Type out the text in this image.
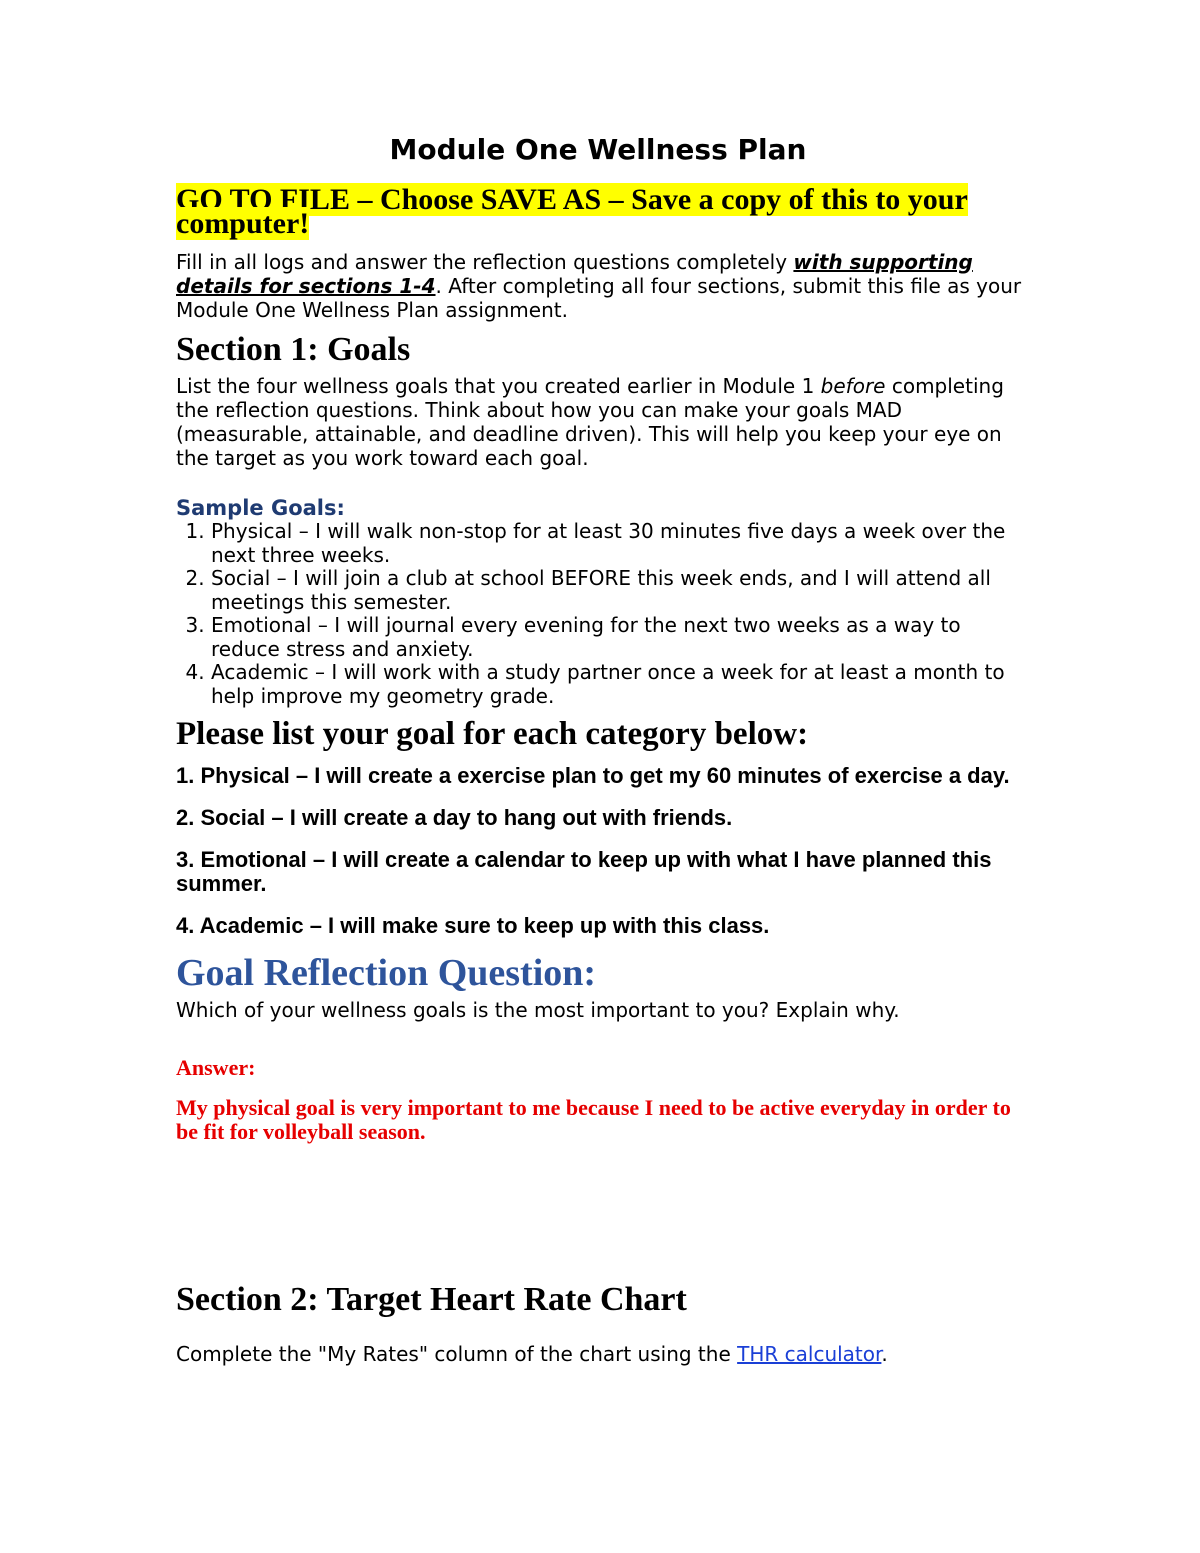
Module One Wellness Plan

GO TO FILE – Choose SAVE AS – Save a copy of this to your computer!

Fill in all logs and answer the reflection questions completely with supporting details for sections 1-4. After completing all four sections, submit this file as your Module One Wellness Plan assignment.

Section 1: Goals

List the four wellness goals that you created earlier in Module 1 before completing the reflection questions. Think about how you can make your goals MAD (measurable, attainable, and deadline driven). This will help you keep your eye on the target as you work toward each goal.

Sample Goals:
1. Physical – I will walk non-stop for at least 30 minutes five days a week over the next three weeks.
2. Social – I will join a club at school BEFORE this week ends, and I will attend all meetings this semester.
3. Emotional – I will journal every evening for the next two weeks as a way to reduce stress and anxiety.
4. Academic – I will work with a study partner once a week for at least a month to help improve my geometry grade.
Please list your goal for each category below:

1. Physical – I will create a exercise plan to get my 60 minutes of exercise a day.

2. Social – I will create a day to hang out with friends.

3. Emotional – I will create a calendar to keep up with what I have planned this summer.

4. Academic – I will make sure to keep up with this class.

Goal Reflection Question:

Which of your wellness goals is the most important to you? Explain why.

Answer:

My physical goal is very important to me because I need to be active everyday in order to be fit for volleyball season.

Section 2: Target Heart Rate Chart

Complete the "My Rates" column of the chart using the THR calculator.
